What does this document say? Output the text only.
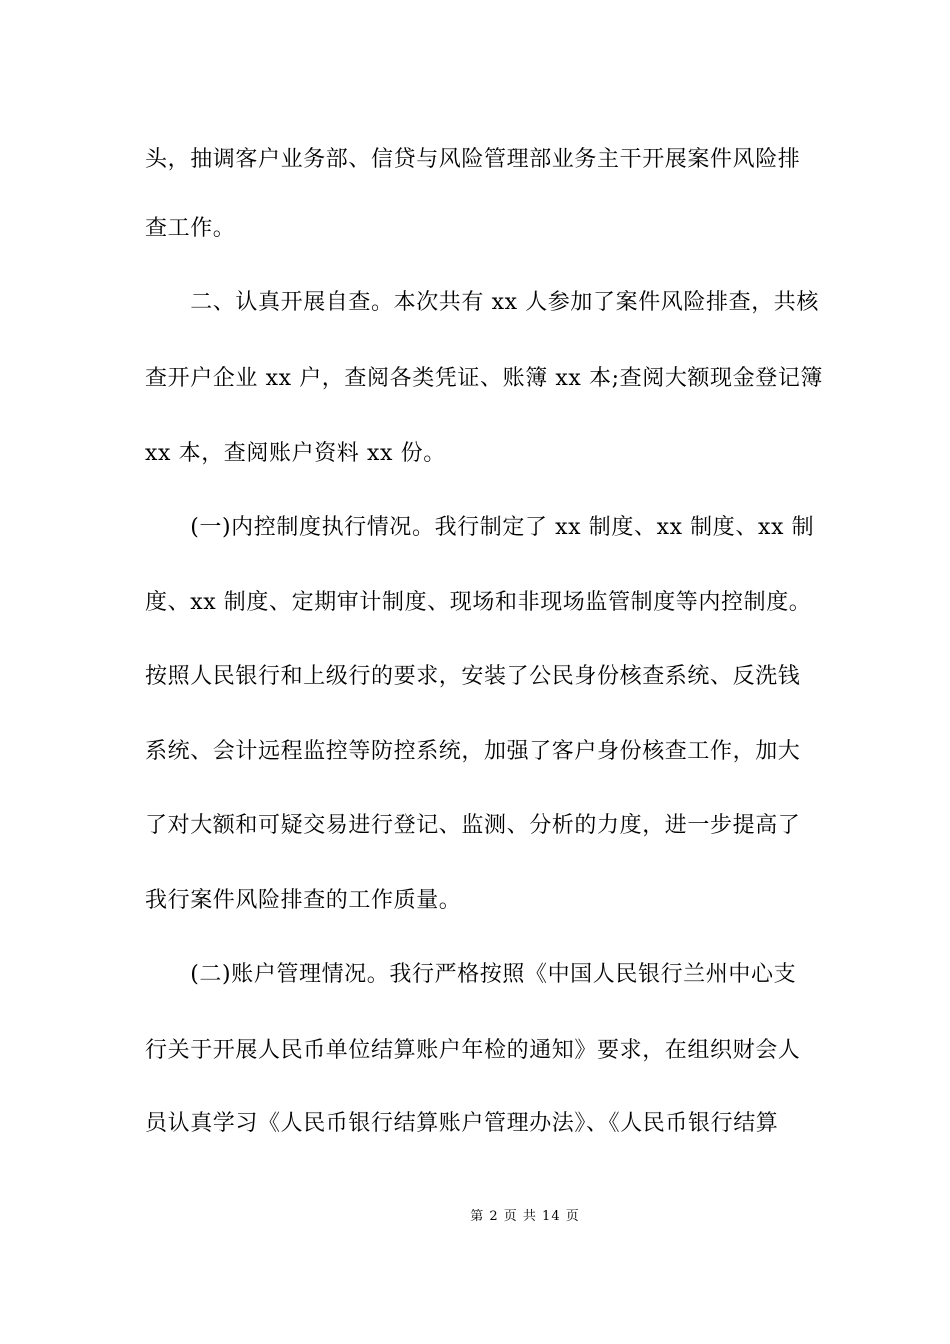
头，抽调客户业务部、信贷与风险管理部业务主干开展案件风险排
查工作。
　　二、认真开展自查。本次共有 xx 人参加了案件风险排查，共核
查开户企业 xx 户，查阅各类凭证、账簿 xx 本;查阅大额现金登记簿
xx 本，查阅账户资料 xx 份。
　　(一)内控制度执行情况。我行制定了 xx 制度、xx 制度、xx 制
度、xx 制度、定期审计制度、现场和非现场监管制度等内控制度。
按照人民银行和上级行的要求，安装了公民身份核查系统、反洗钱
系统、会计远程监控等防控系统，加强了客户身份核查工作，加大
了对大额和可疑交易进行登记、监测、分析的力度，进一步提高了
我行案件风险排查的工作质量。
　　(二)账户管理情况。我行严格按照《中国人民银行兰州中心支
行关于开展人民币单位结算账户年检的通知》要求，在组织财会人
员认真学习《人民币银行结算账户管理办法》、《人民币银行结算
第 2 页 共 14 页
